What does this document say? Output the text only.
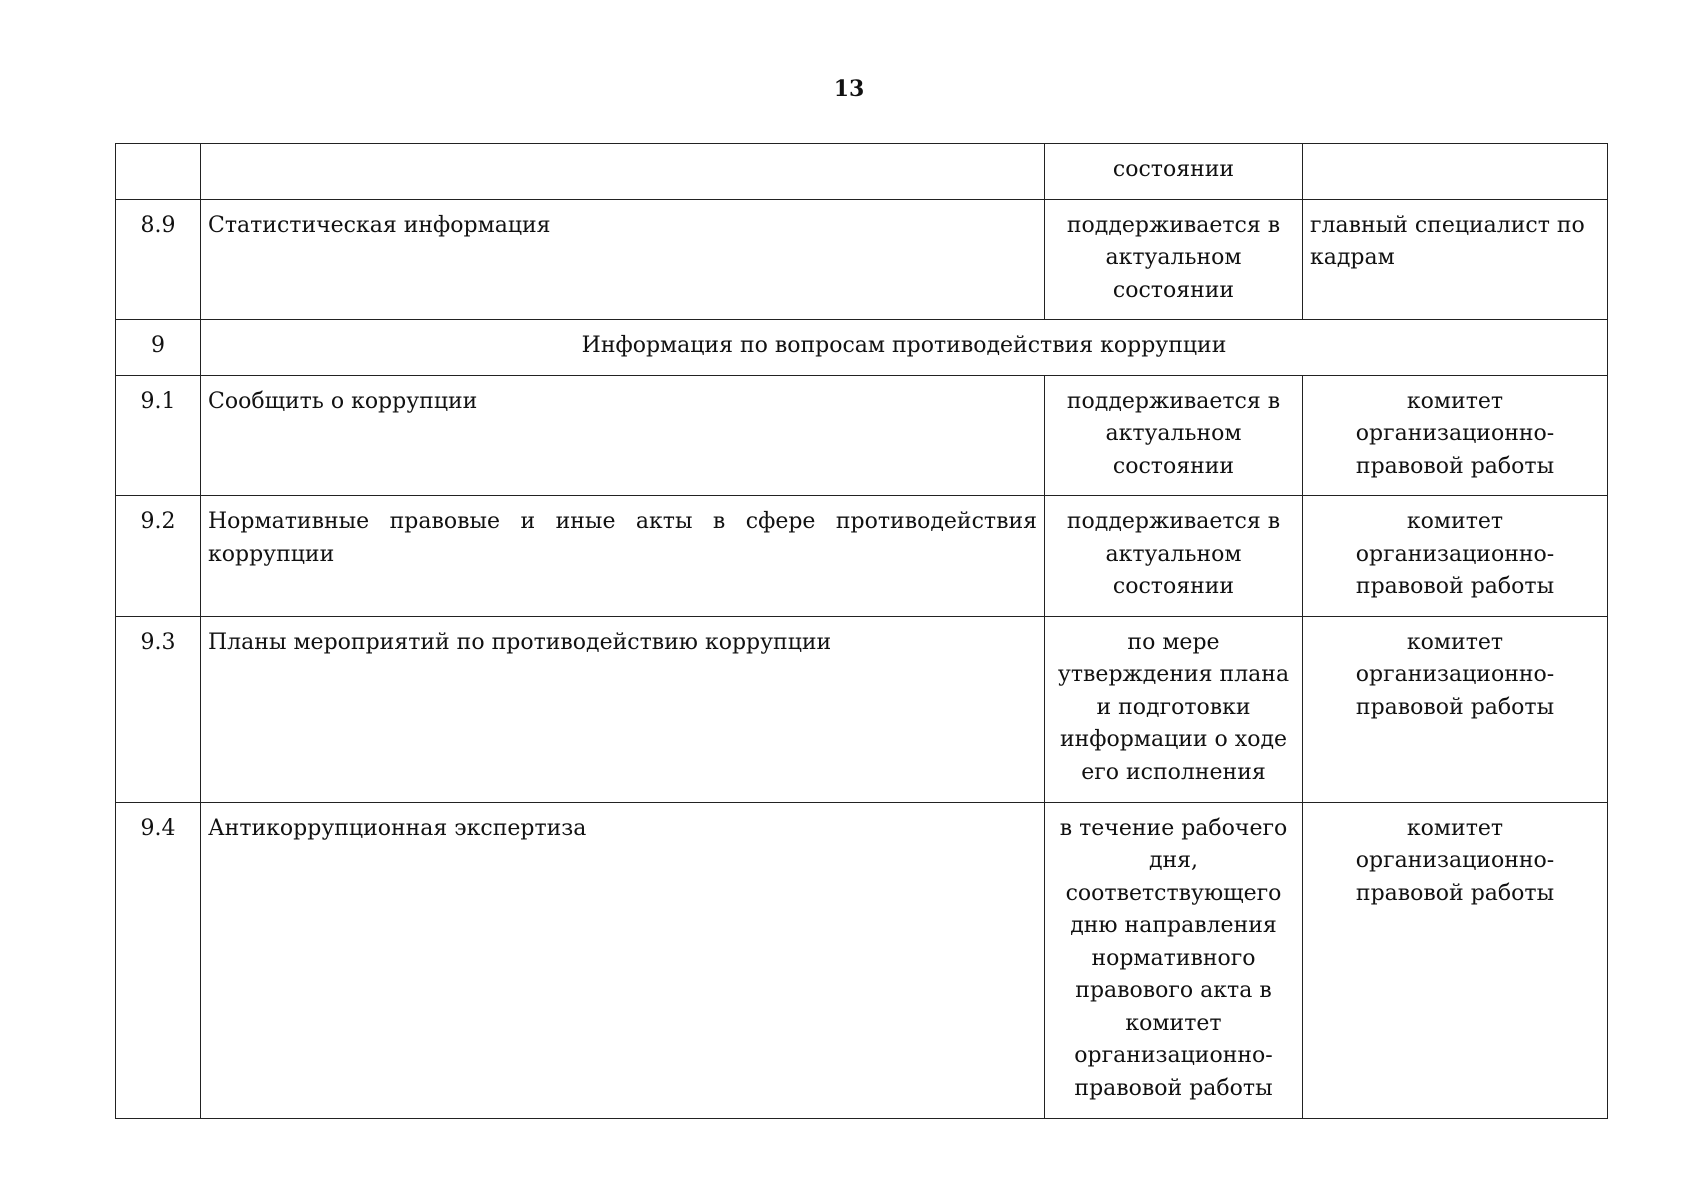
13
		состоянии	
8.9	Статистическая информация	поддерживается в актуальном состоянии	главный специалист по кадрам
9	Информация по вопросам противодействия коррупции		
9.1	Сообщить о коррупции	поддерживается в актуальном состоянии	комитет организационно-правовой работы
9.2	Нормативные правовые и иные акты в сфере противодействия коррупции	поддерживается в актуальном состоянии	комитет организационно-правовой работы
9.3	Планы мероприятий по противодействию коррупции	по мере утверждения плана и подготовки информации о ходе его исполнения	комитет организационно-правовой работы
9.4	Антикоррупционная экспертиза	в течение рабочего дня, соответствующего дню направления нормативного правового акта в комитет организационно-правовой работы	комитет организационно-правовой работы
